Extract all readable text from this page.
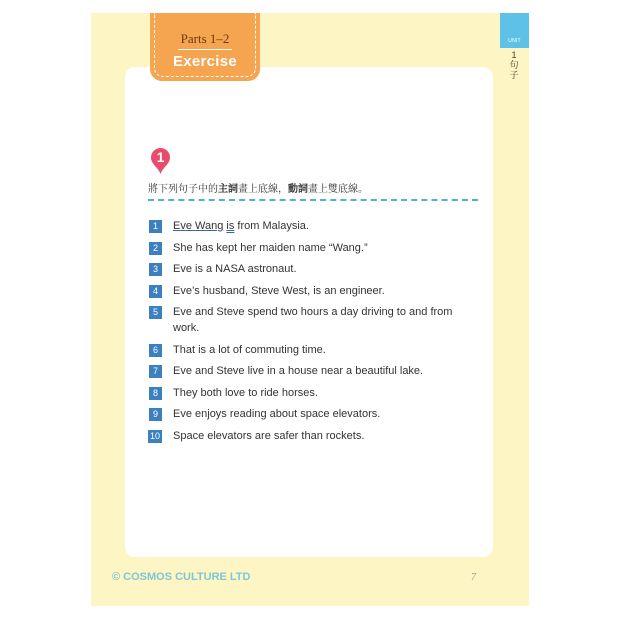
UNIT
1
句
子
Parts 1–2
Exercise
1
將下列句子中的主詞畫上底線，動詞畫上雙底線。
1	Eve Wang is from Malaysia.
2	She has kept her maiden name “Wang.”
3	Eve is a NASA astronaut.
4	Eve’s husband, Steve West, is an engineer.
5	Eve and Steve spend two hours a day driving to and from work.
6	That is a lot of commuting time.
7	Eve and Steve live in a house near a beautiful lake.
8	They both love to ride horses.
9	Eve enjoys reading about space elevators.
10 Space elevators are safer than rockets.
© COSMOS CULTURE LTD	7
